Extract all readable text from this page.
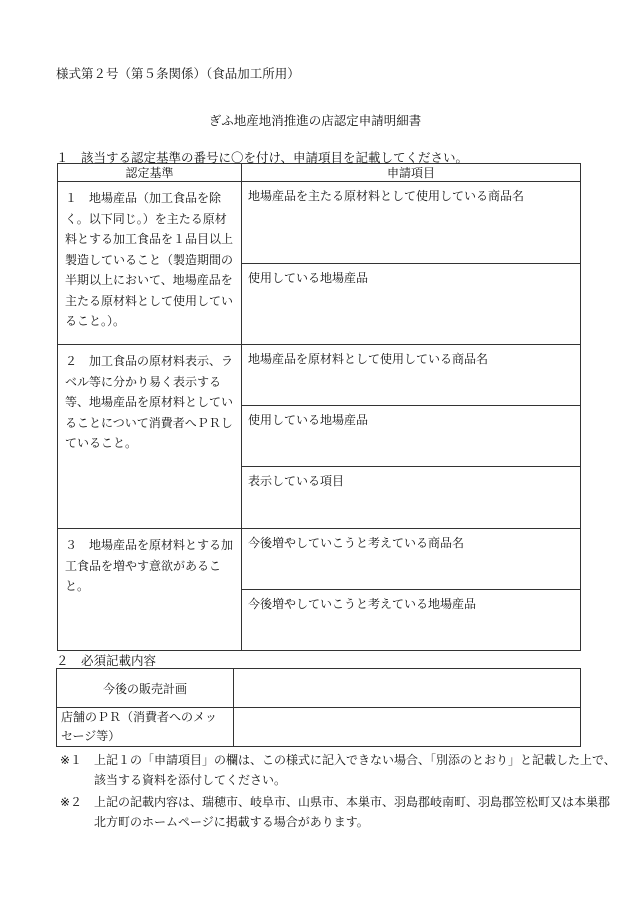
様式第２号（第５条関係）（食品加工所用）
ぎふ地産地消推進の店認定申請明細書
１　該当する認定基準の番号に〇を付け、申請項目を記載してください。
認定基準	申請項目
１ 地場産品（加工食品を除く。以下同じ。）を主たる原材料とする加工食品を１品目以上製造していること（製造期間の半期以上において、地場産品を主たる原材料として使用していること。）。	地場産品を主たる原材料として使用している商品名
	使用している地場産品
２ 加工食品の原材料表示、ラベル等に分かり易く表示する等、地場産品を原材料としていることについて消費者へＰＲしていること。	地場産品を原材料として使用している商品名
	使用している地場産品
	表示している項目
３ 地場産品を原材料とする加工食品を増やす意欲があること。	今後増やしていこうと考えている商品名
	今後増やしていこうと考えている地場産品
２　必須記載内容
今後の販売計画	
店舗のＰＲ（消費者へのメッセージ等）	
※１ 上記１の「申請項目」の欄は、この様式に記入できない場合、「別添のとおり」と記載した上で、該当する資料を添付してください。
※２ 上記の記載内容は、瑞穂市、岐阜市、山県市、本巣市、羽島郡岐南町、羽島郡笠松町又は本巣郡北方町のホームページに掲載する場合があります。
